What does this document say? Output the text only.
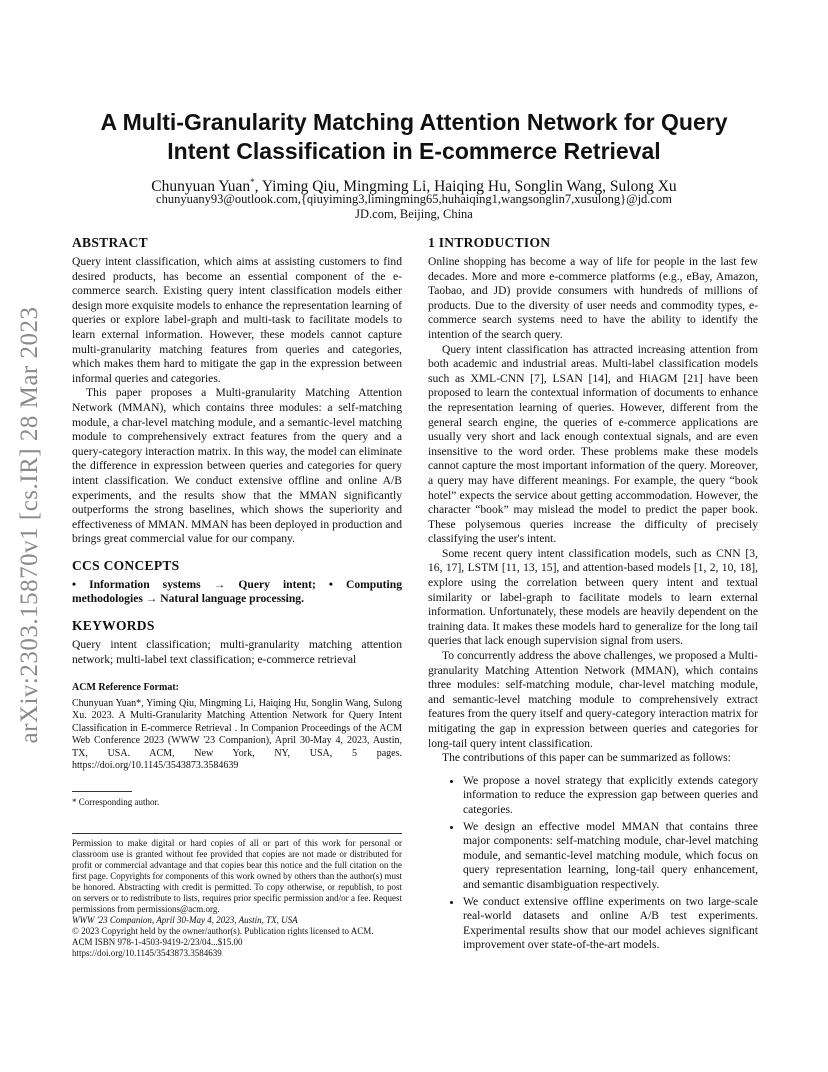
arXiv:2303.15870v1 [cs.IR] 28 Mar 2023
A Multi-Granularity Matching Attention Network for Query
Intent Classification in E-commerce Retrieval
Chunyuan Yuan*, Yiming Qiu, Mingming Li, Haiqing Hu, Songlin Wang, Sulong Xu
chunyuany93@outlook.com,{qiuyiming3,limingming65,huhaiqing1,wangsonglin7,xusulong}@jd.com
JD.com, Beijing, China
ABSTRACT

Query intent classification, which aims at assisting customers to find desired products, has become an essential component of the e-commerce search. Existing query intent classification models either design more exquisite models to enhance the representation learning of queries or explore label-graph and multi-task to facilitate models to learn external information. However, these models cannot capture multi-granularity matching features from queries and categories, which makes them hard to mitigate the gap in the expression between informal queries and categories.

This paper proposes a Multi-granularity Matching Attention Network (MMAN), which contains three modules: a self-matching module, a char-level matching module, and a semantic-level matching module to comprehensively extract features from the query and a query-category interaction matrix. In this way, the model can eliminate the difference in expression between queries and categories for query intent classification. We conduct extensive offline and online A/B experiments, and the results show that the MMAN significantly outperforms the strong baselines, which shows the superiority and effectiveness of MMAN. MMAN has been deployed in production and brings great commercial value for our company.

CCS CONCEPTS

• Information systems → Query intent; • Computing methodologies → Natural language processing.

KEYWORDS

Query intent classification; multi-granularity matching attention network; multi-label text classification; e-commerce retrieval

ACM Reference Format:
Chunyuan Yuan*, Yiming Qiu, Mingming Li, Haiqing Hu, Songlin Wang, Sulong Xu. 2023. A Multi-Granularity Matching Attention Network for Query Intent Classification in E-commerce Retrieval . In Companion Proceedings of the ACM Web Conference 2023 (WWW '23 Companion), April 30-May 4, 2023, Austin, TX, USA. ACM, New York, NY, USA, 5 pages. https://doi.org/10.1145/3543873.3584639
* Corresponding author.
Permission to make digital or hard copies of all or part of this work for personal or classroom use is granted without fee provided that copies are not made or distributed for profit or commercial advantage and that copies bear this notice and the full citation on the first page. Copyrights for components of this work owned by others than the author(s) must be honored. Abstracting with credit is permitted. To copy otherwise, or republish, to post on servers or to redistribute to lists, requires prior specific permission and/or a fee. Request permissions from permissions@acm.org.
WWW '23 Companion, April 30-May 4, 2023, Austin, TX, USA
© 2023 Copyright held by the owner/author(s). Publication rights licensed to ACM.
ACM ISBN 978-1-4503-9419-2/23/04...$15.00
https://doi.org/10.1145/3543873.3584639
1 INTRODUCTION

Online shopping has become a way of life for people in the last few decades. More and more e-commerce platforms (e.g., eBay, Amazon, Taobao, and JD) provide consumers with hundreds of millions of products. Due to the diversity of user needs and commodity types, e-commerce search systems need to have the ability to identify the intention of the search query.

Query intent classification has attracted increasing attention from both academic and industrial areas. Multi-label classification models such as XML-CNN [7], LSAN [14], and HiAGM [21] have been proposed to learn the contextual information of documents to enhance the representation learning of queries. However, different from the general search engine, the queries of e-commerce applications are usually very short and lack enough contextual signals, and are even insensitive to the word order. These problems make these models cannot capture the most important information of the query. Moreover, a query may have different meanings. For example, the query “book hotel” expects the service about getting accommodation. However, the character “book” may mislead the model to predict the paper book. These polysemous queries increase the difficulty of precisely classifying the user's intent.

Some recent query intent classification models, such as CNN [3, 16, 17], LSTM [11, 13, 15], and attention-based models [1, 2, 10, 18], explore using the correlation between query intent and textual similarity or label-graph to facilitate models to learn external information. Unfortunately, these models are heavily dependent on the training data. It makes these models hard to generalize for the long tail queries that lack enough supervision signal from users.

To concurrently address the above challenges, we proposed a Multi-granularity Matching Attention Network (MMAN), which contains three modules: self-matching module, char-level matching module, and semantic-level matching module to comprehensively extract features from the query itself and query-category interaction matrix for mitigating the gap in expression between queries and categories for long-tail query intent classification.

The contributions of this paper can be summarized as follows:

• We propose a novel strategy that explicitly extends category information to reduce the expression gap between queries and categories.
• We design an effective model MMAN that contains three major components: self-matching module, char-level matching module, and semantic-level matching module, which focus on query representation learning, long-tail query enhancement, and semantic disambiguation respectively.
• We conduct extensive offline experiments on two large-scale real-world datasets and online A/B test experiments. Experimental results show that our model achieves significant improvement over state-of-the-art models.
